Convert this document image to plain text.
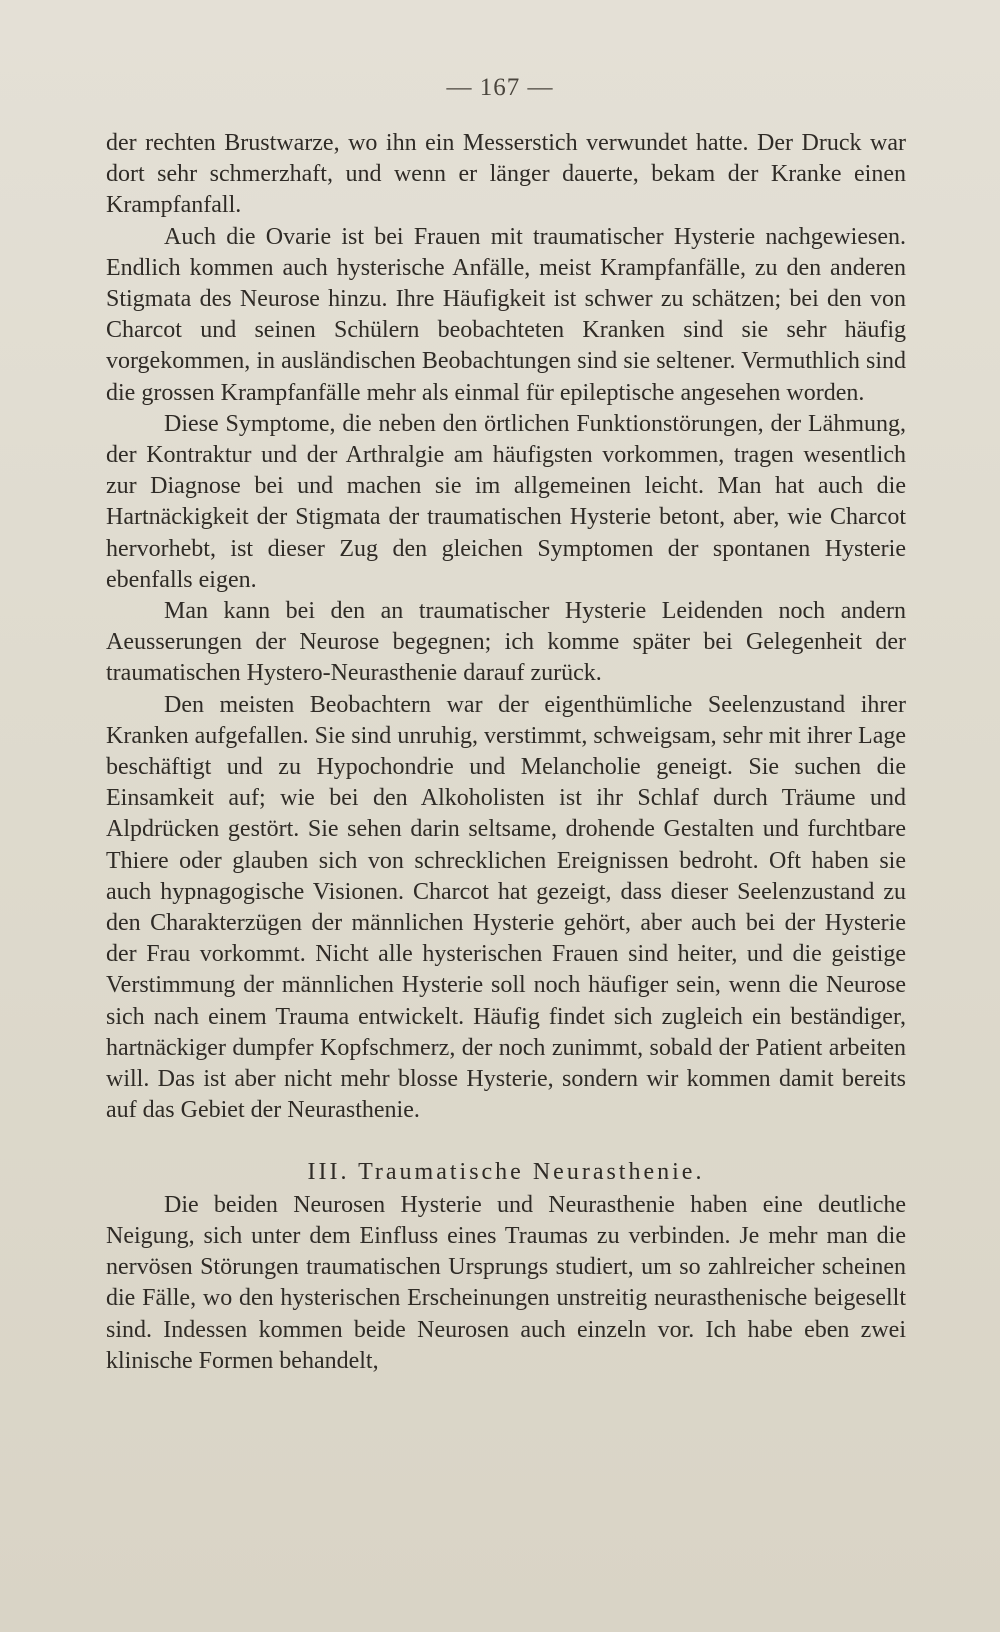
— 167 —

der rechten Brustwarze, wo ihn ein Messerstich verwundet hatte. Der Druck war dort sehr schmerzhaft, und wenn er länger dauerte, bekam der Kranke einen Krampfanfall.

Auch die Ovarie ist bei Frauen mit traumatischer Hysterie nachgewiesen. Endlich kommen auch hysterische Anfälle, meist Krampfanfälle, zu den anderen Stigmata des Neurose hinzu. Ihre Häufigkeit ist schwer zu schätzen; bei den von Charcot und seinen Schülern beobachteten Kranken sind sie sehr häufig vorgekommen, in ausländischen Beobachtungen sind sie seltener. Vermuthlich sind die grossen Krampfanfälle mehr als einmal für epileptische angesehen worden.

Diese Symptome, die neben den örtlichen Funktionstörungen, der Lähmung, der Kontraktur und der Arthralgie am häufigsten vorkommen, tragen wesentlich zur Diagnose bei und machen sie im allgemeinen leicht. Man hat auch die Hartnäckigkeit der Stigmata der traumatischen Hysterie betont, aber, wie Charcot hervorhebt, ist dieser Zug den gleichen Symptomen der spontanen Hysterie ebenfalls eigen.

Man kann bei den an traumatischer Hysterie Leidenden noch andern Aeusserungen der Neurose begegnen; ich komme später bei Gelegenheit der traumatischen Hystero-Neurasthenie darauf zurück.

Den meisten Beobachtern war der eigenthümliche Seelenzustand ihrer Kranken aufgefallen. Sie sind unruhig, verstimmt, schweigsam, sehr mit ihrer Lage beschäftigt und zu Hypochondrie und Melancholie geneigt. Sie suchen die Einsamkeit auf; wie bei den Alkoholisten ist ihr Schlaf durch Träume und Alpdrücken gestört. Sie sehen darin seltsame, drohende Gestalten und furchtbare Thiere oder glauben sich von schrecklichen Ereignissen bedroht. Oft haben sie auch hypnagogische Visionen. Charcot hat gezeigt, dass dieser Seelenzustand zu den Charakterzügen der männlichen Hysterie gehört, aber auch bei der Hysterie der Frau vorkommt. Nicht alle hysterischen Frauen sind heiter, und die geistige Verstimmung der männlichen Hysterie soll noch häufiger sein, wenn die Neurose sich nach einem Trauma entwickelt. Häufig findet sich zugleich ein beständiger, hartnäckiger dumpfer Kopfschmerz, der noch zunimmt, sobald der Patient arbeiten will. Das ist aber nicht mehr blosse Hysterie, sondern wir kommen damit bereits auf das Gebiet der Neurasthenie.

III. Traumatische Neurasthenie.

Die beiden Neurosen Hysterie und Neurasthenie haben eine deutliche Neigung, sich unter dem Einfluss eines Traumas zu verbinden. Je mehr man die nervösen Störungen traumatischen Ursprungs studiert, um so zahlreicher scheinen die Fälle, wo den hysterischen Erscheinungen unstreitig neurasthenische beigesellt sind. Indessen kommen beide Neurosen auch einzeln vor. Ich habe eben zwei klinische Formen behandelt,
